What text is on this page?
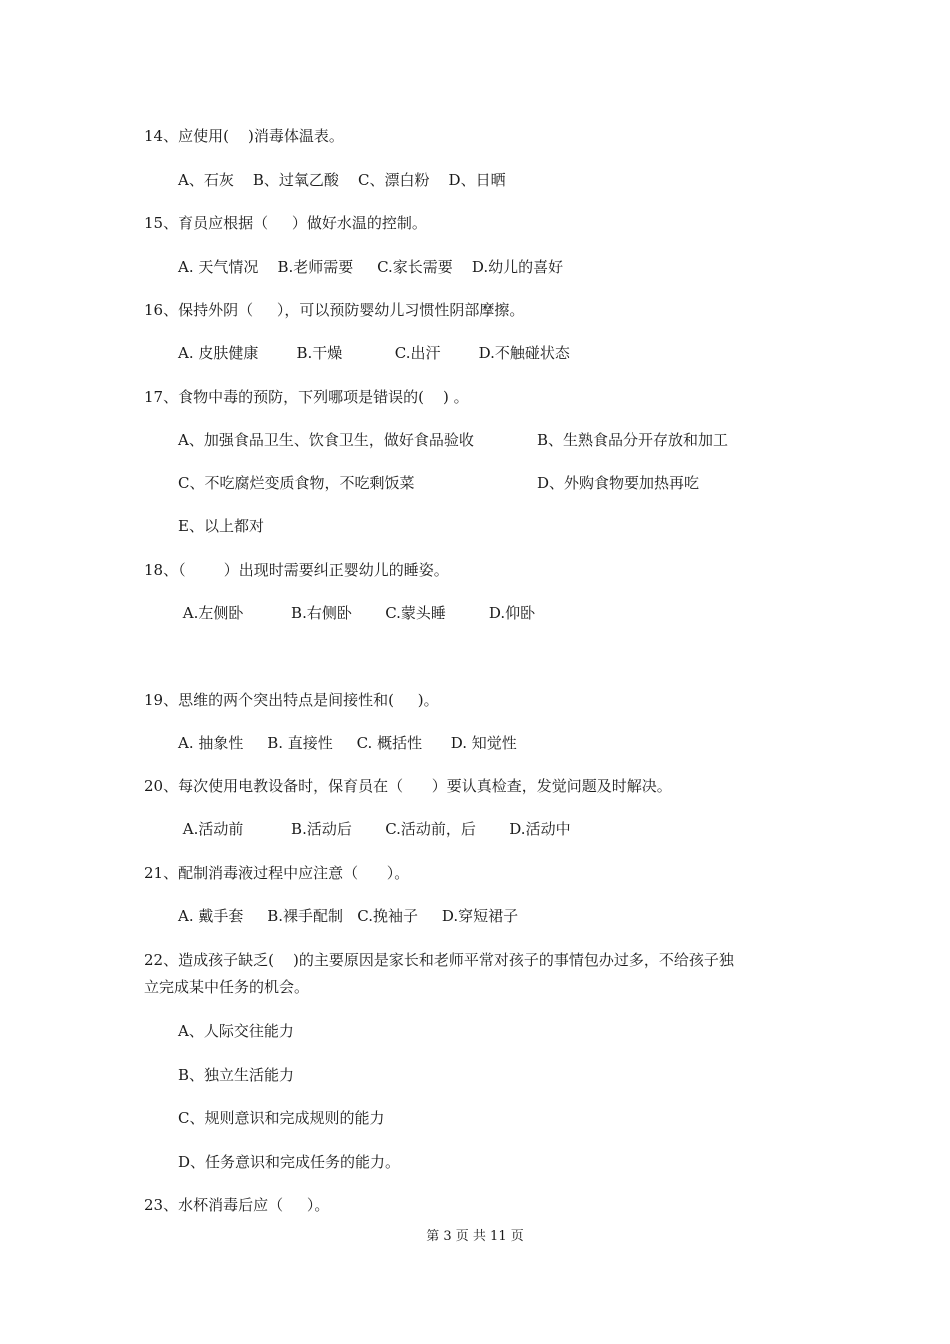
14、应使用(    )消毒体温表。
A、石灰    B、过氧乙酸    C、漂白粉    D、日晒
15、育员应根据（     ）做好水温的控制。
A. 天气情况    B.老师需要     C.家长需要    D.幼儿的喜好
16、保持外阴（     ），可以预防婴幼儿习惯性阴部摩擦。
A. 皮肤健康        B.干燥           C.出汗        D.不触碰状态
17、食物中毒的预防，下列哪项是错误的(    ) 。
A、加强食品卫生、饮食卫生，做好食品验收	B、生熟食品分开存放和加工
C、不吃腐烂变质食物，不吃剩饭菜	D、外购食物要加热再吃
E、以上都对
18、（        ）出现时需要纠正婴幼儿的睡姿。
A.左侧卧          B.右侧卧       C.蒙头睡         D.仰卧
19、思维的两个突出特点是间接性和(     )。
A. 抽象性     B. 直接性     C. 概括性      D. 知觉性
20、每次使用电教设备时，保育员在（      ）要认真检查，发觉问题及时解决。
A.活动前          B.活动后       C.活动前，后       D.活动中
21、配制消毒液过程中应注意（      ）。
A. 戴手套     B.裸手配制   C.挽袖子     D.穿短裙子
22、造成孩子缺乏(    )的主要原因是家长和老师平常对孩子的事情包办过多，不给孩子独
立完成某中任务的机会。
A、人际交往能力
B、独立生活能力
C、规则意识和完成规则的能力
D、任务意识和完成任务的能力。
23、水杯消毒后应（     ）。
第 3 页 共 11 页
